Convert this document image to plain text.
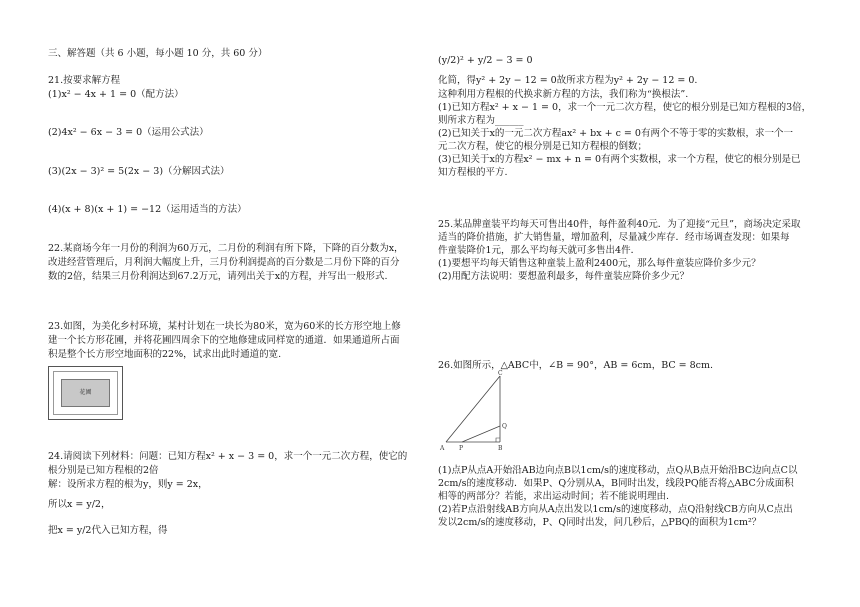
三、解答题（共 6 小题，每小题 10 分，共 60 分）
21.按要求解方程
(1)x² − 4x + 1 = 0（配方法）
(2)4x² − 6x − 3 = 0（运用公式法）
(3)(2x − 3)² = 5(2x − 3)（分解因式法）
(4)(x + 8)(x + 1) = −12（运用适当的方法）
22.某商场今年一月份的利润为60万元，二月份的利润有所下降，下降的百分数为x，
改进经营管理后，月利润大幅度上升，三月份利润提高的百分数是二月份下降的百分
数的2倍，结果三月份利润达到67.2万元，请列出关于x的方程，并写出一般形式.
23.如图，为美化乡村环境，某村计划在一块长为80米，宽为60米的长方形空地上修
建一个长方形花圃，并将花圃四周余下的空地修建成同样宽的通道．如果通道所占面
积是整个长方形空地面积的22%，试求出此时通道的宽.
24.请阅读下列材料：问题：已知方程x² + x − 3 = 0，求一个一元二次方程，使它的
根分别是已知方程根的2倍
解：设所求方程的根为y，则y = 2x，
所以x = y/2，
把x = y/2代入已知方程，得
花圃
(y/2)² + y/2 − 3 = 0
化简，得y² + 2y − 12 = 0故所求方程为y² + 2y − 12 = 0.
这种利用方程根的代换求新方程的方法，我们称为“换根法”.
(1)已知方程x² + x − 1 = 0，求一个一元二次方程，使它的根分别是已知方程根的3倍，
则所求方程为______
(2)已知关于x的一元二次方程ax² + bx + c = 0有两个不等于零的实数根，求一个一
元二次方程，使它的根分别是已知方程根的倒数；
(3)已知关于x的方程x² − mx + n = 0有两个实数根，求一个方程，使它的根分别是已
知方程根的平方.
25.某品牌童装平均每天可售出40件，每件盈利40元．为了迎接“元旦”，商场决定采取
适当的降价措施，扩大销售量，增加盈利，尽量减少库存．经市场调查发现：如果每
件童装降价1元，那么平均每天就可多售出4件．
(1)要想平均每天销售这种童装上盈利2400元，那么每件童装应降价多少元？
(2)用配方法说明：要想盈利最多，每件童装应降价多少元？
26.如图所示，△ABC中，∠B = 90°，AB = 6cm，BC = 8cm.
(1)点P从点A开始沿AB边向点B以1cm/s的速度移动，点Q从B点开始沿BC边向点C以
2cm/s的速度移动．如果P、Q分别从A，B同时出发，线段PQ能否将△ABC分成面积
相等的两部分？若能，求出运动时间；若不能说明理由.
(2)若P点沿射线AB方向从A点出发以1cm/s的速度移动，点Q沿射线CB方向从C点出
发以2cm/s的速度移动，P、Q同时出发，问几秒后，△PBQ的面积为1cm²？
A	B
C
P
Q
